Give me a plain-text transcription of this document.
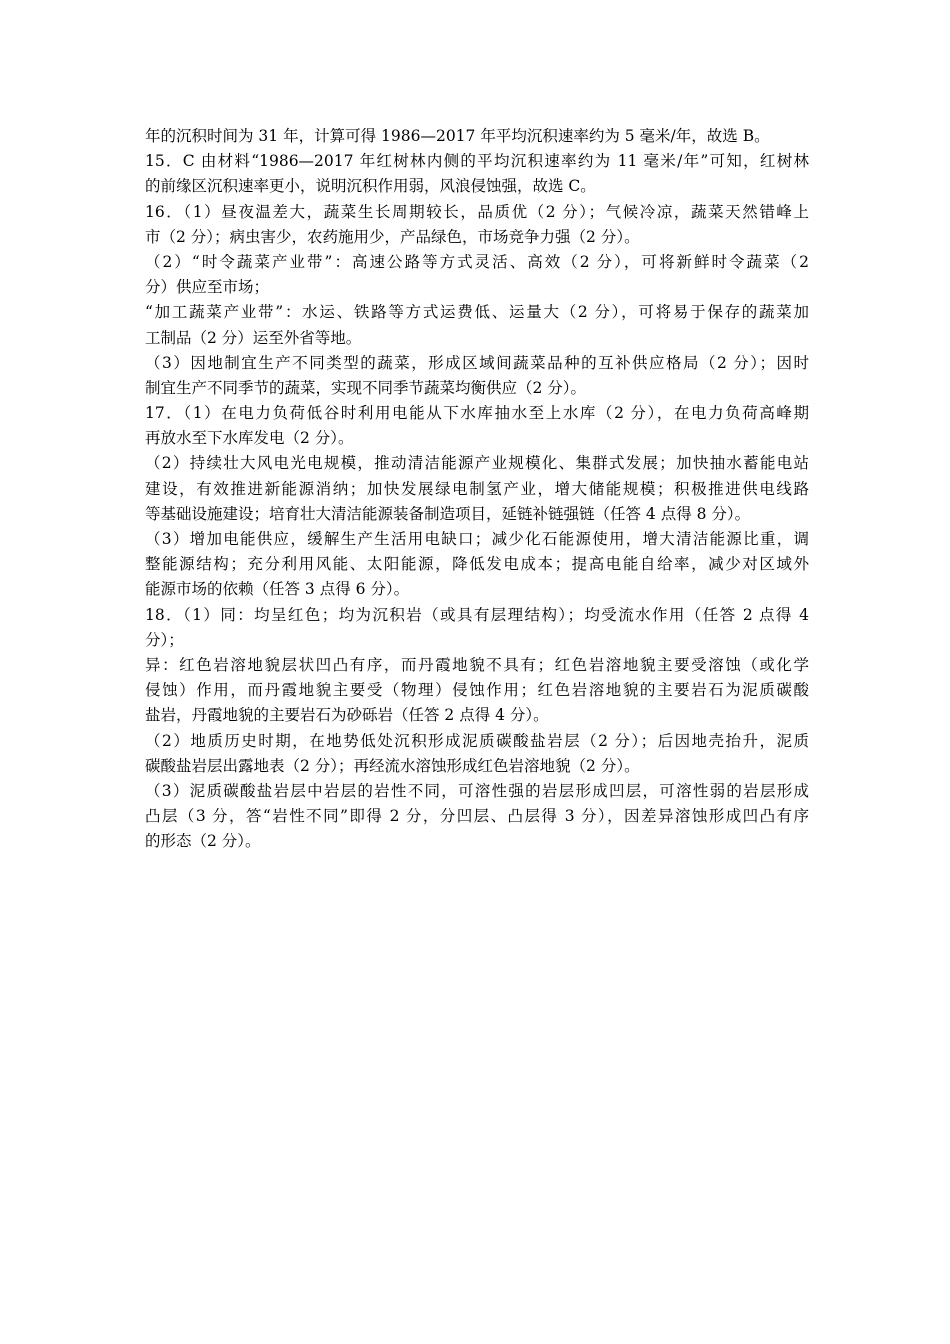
年的沉积时间为 31 年，计算可得 1986—2017 年平均沉积速率约为 5 毫米/年，故选 B。
15．C 由材料“1986—2017 年红树林内侧的平均沉积速率约为 11 毫米/年”可知，红树林
的前缘区沉积速率更小，说明沉积作用弱，风浪侵蚀强，故选 C。
16．（1）昼夜温差大，蔬菜生长周期较长，品质优（2 分）；气候冷凉，蔬菜天然错峰上
市（2 分）；病虫害少，农药施用少，产品绿色，市场竞争力强（2 分）。
（2）“时令蔬菜产业带”：高速公路等方式灵活、高效（2 分），可将新鲜时令蔬菜（2
分）供应至市场；
“加工蔬菜产业带”：水运、铁路等方式运费低、运量大（2 分），可将易于保存的蔬菜加
工制品（2 分）运至外省等地。
（3）因地制宜生产不同类型的蔬菜，形成区域间蔬菜品种的互补供应格局（2 分）；因时
制宜生产不同季节的蔬菜，实现不同季节蔬菜均衡供应（2 分）。
17．（1）在电力负荷低谷时利用电能从下水库抽水至上水库（2 分），在电力负荷高峰期
再放水至下水库发电（2 分）。
（2）持续壮大风电光电规模，推动清洁能源产业规模化、集群式发展；加快抽水蓄能电站
建设，有效推进新能源消纳；加快发展绿电制氢产业，增大储能规模；积极推进供电线路
等基础设施建设；培育壮大清洁能源装备制造项目，延链补链强链（任答 4 点得 8 分）。
（3）增加电能供应，缓解生产生活用电缺口；减少化石能源使用，增大清洁能源比重，调
整能源结构；充分利用风能、太阳能源，降低发电成本；提高电能自给率，减少对区域外
能源市场的依赖（任答 3 点得 6 分）。
18．（1）同：均呈红色；均为沉积岩（或具有层理结构）；均受流水作用（任答 2 点得 4
分）；
异：红色岩溶地貌层状凹凸有序，而丹霞地貌不具有；红色岩溶地貌主要受溶蚀（或化学
侵蚀）作用，而丹霞地貌主要受（物理）侵蚀作用；红色岩溶地貌的主要岩石为泥质碳酸
盐岩，丹霞地貌的主要岩石为砂砾岩（任答 2 点得 4 分）。
（2）地质历史时期，在地势低处沉积形成泥质碳酸盐岩层（2 分）；后因地壳抬升，泥质
碳酸盐岩层出露地表（2 分）；再经流水溶蚀形成红色岩溶地貌（2 分）。
（3）泥质碳酸盐岩层中岩层的岩性不同，可溶性强的岩层形成凹层，可溶性弱的岩层形成
凸层（3 分，答“岩性不同”即得 2 分，分凹层、凸层得 3 分），因差异溶蚀形成凹凸有序
的形态（2 分）。
